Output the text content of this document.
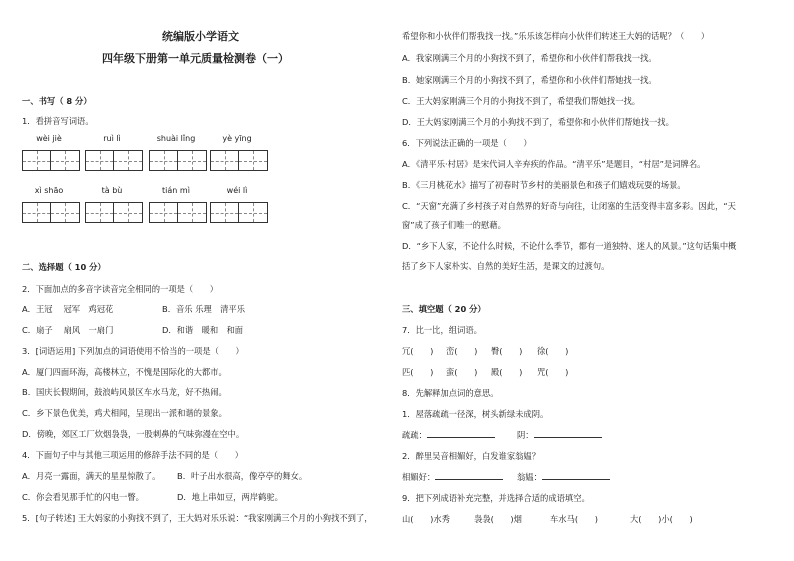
统编版小学语文
四年级下册第一单元质量检测卷（一）
一、书写（ 8 分）
1．看拼音写词语。
wèi jiè	ruì lì	shuài lǐng	yè yīng
xì shāo	tà bù	tián mì	wéi lì
二、选择题（ 10 分）
2．下面加点的多音字读音完全相同的一项是（　　）
A．王冠　 冠军　鸡冠花	B．音乐 乐理　清平乐
C．扇子　 扇风　一扇门	D．和谐　暖和　和面
3．[词语运用] 下列加点的词语使用不恰当的一项是（　　）
A．厦门四面环海，高楼林立，不愧是国际化的大都市。
B．国庆长假期间，鼓浪屿风景区车水马龙，好不热闹。
C．乡下景色优美，鸡犬相闻，呈现出一派和谐的景象。
D．傍晚，郊区工厂炊烟袅袅，一股刺鼻的气味弥漫在空中。
4．下面句子中与其他三项运用的修辞手法不同的是（　　）
A．月亮一露面，满天的星星惊散了。 B．叶子出水很高，像亭亭的舞女。
C．你会看见那手忙的闪电一瞥。	D．地上串如豆，两岸鹤驼。
5．[句子转述] 王大妈家的小狗找不到了，王大妈对乐乐说：“我家刚满三个月的小狗找不到了，
希望你和小伙伴们帮我找一找。”乐乐该怎样向小伙伴们转述王大妈的话呢？（　　）
A．我家刚满三个月的小狗找不到了，希望你和小伙伴们帮我找一找。
B．她家刚满三个月的小狗找不到了，希望你和小伙伴们帮她找一找。
C．王大妈家刚满三个月的小狗找不到了，希望我们帮她找一找。
D．王大妈家刚满三个月的小狗找不到了，希望你和小伙伴们帮她找一找。
6．下列说法正确的一项是（　　）
A．《清平乐·村居》是宋代词人辛弃疾的作品。“清平乐”是题目，“村居”是词牌名。
B．《三月桃花水》描写了初春时节乡村的美丽景色和孩子们嬉戏玩耍的场景。
C．“天窗”充满了乡村孩子对自然界的好奇与向往，让闭塞的生活变得丰富多彩。因此，“天
窗”成了孩子们唯一的慰藉。
D．“乡下人家，不论什么时候，不论什么季节，都有一道独特、迷人的风景。”这句话集中概
括了乡下人家朴实、自然的美好生活，是课文的过渡句。
三、填空题（ 20 分）
7．比一比，组词语。
冗(　　) 峦(　　) 臀(　　) 徐(　　)
匹(　　) 蛮(　　) 殿(　　) 咒(　　)
8．先解释加点词的意思。
1．屋落疏疏一径深，树头新绿未成阴。
疏疏：	阴：
2．醉里吴音相媚好，白发谁家翁媪？
相媚好：	翁媪：
9．把下列成语补充完整，并选择合适的成语填空。
山(　　)水秀	袅袅(　　)烟	车水马(　　)	大(　　)小(　　)
